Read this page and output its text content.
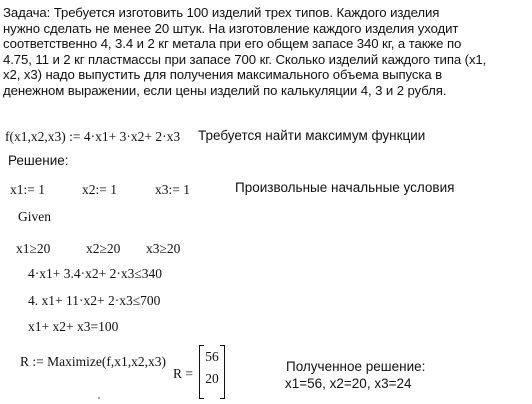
Задача: Требуется изготовить 100 изделий трех типов. Каждого изделия
нужно сделать не менее 20 штук. На изготовление каждого изделия уходит
соответственно 4, 3.4 и 2 кг метала при его общем запасе 340 кг, а также по
4.75, 11 и 2 кг пластмассы при запасе 700 кг. Сколько изделий каждого типа (x1,
x2, x3) надо выпустить для получения максимального объема выпуска в
денежном выражении, если цены изделий по калькуляции 4, 3 и 2 рубля.
f(x1,x2,x3) := 4·x1+ 3·x2+ 2·x3 Требуется найти максимум функции
Решение:
x1:= 1	x2:= 1	x3:= 1	Произвольные начальные условия
Given
x1≥20	x2≥20 x3≥20
4·x1+ 3.4·x2+ 2·x3≤340
4. x1+ 11·x2+ 2·x3≤700
x1+ x2+ x3=100
R := Maximize(f,x1,x2,x3)
R =
56
20
Полученное решение:
x1=56, x2=20, x3=24
